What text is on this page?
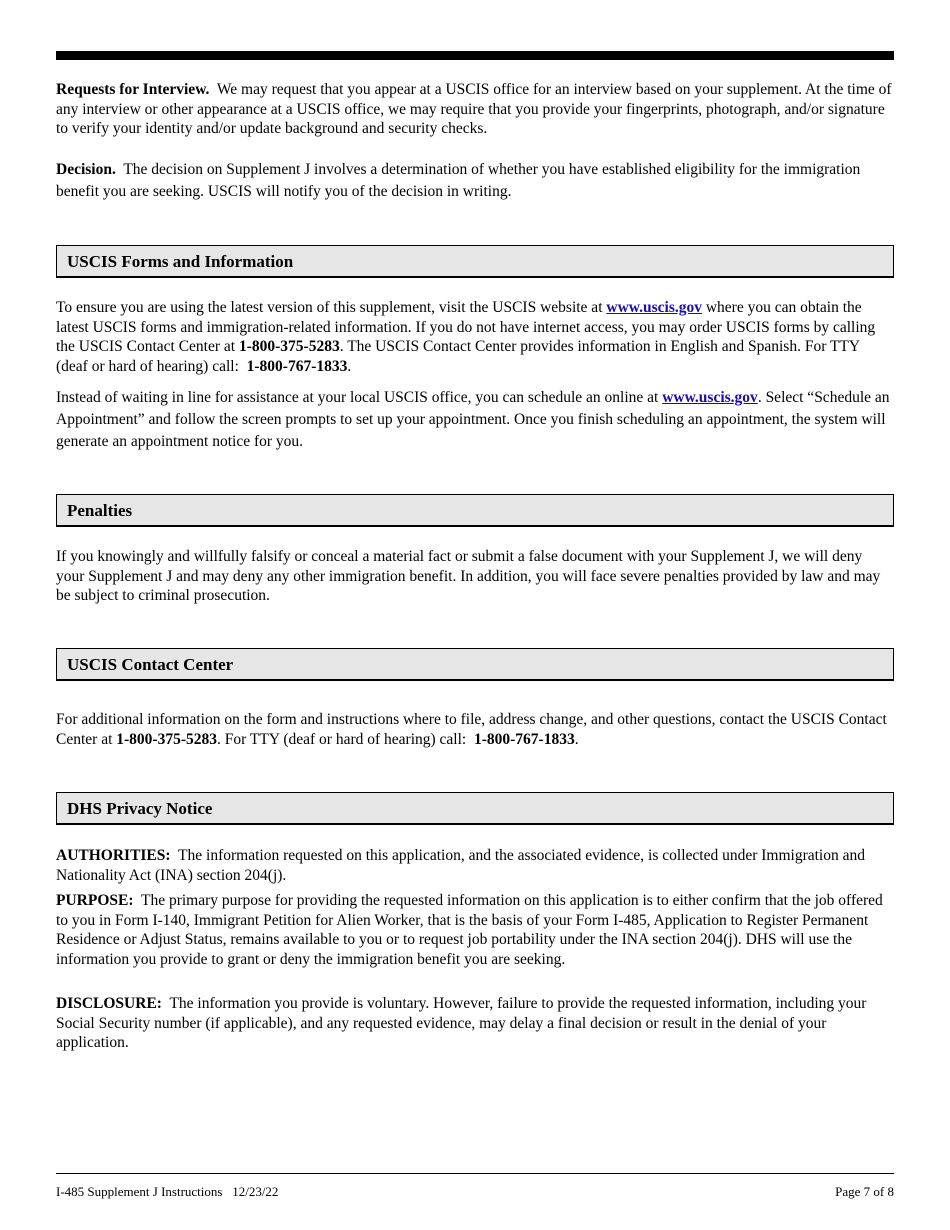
Requests for Interview. We may request that you appear at a USCIS office for an interview based on your supplement. At the time of any interview or other appearance at a USCIS office, we may require that you provide your fingerprints, photograph, and/or signature to verify your identity and/or update background and security checks.

Decision. The decision on Supplement J involves a determination of whether you have established eligibility for the immigration benefit you are seeking. USCIS will notify you of the decision in writing.

USCIS Forms and Information

To ensure you are using the latest version of this supplement, visit the USCIS website at www.uscis.gov where you can obtain the latest USCIS forms and immigration-related information. If you do not have internet access, you may order USCIS forms by calling the USCIS Contact Center at 1-800-375-5283. The USCIS Contact Center provides information in English and Spanish. For TTY (deaf or hard of hearing) call: 1-800-767-1833.

Instead of waiting in line for assistance at your local USCIS office, you can schedule an online at www.uscis.gov. Select “Schedule an Appointment” and follow the screen prompts to set up your appointment. Once you finish scheduling an appointment, the system will generate an appointment notice for you.

Penalties

If you knowingly and willfully falsify or conceal a material fact or submit a false document with your Supplement J, we will deny your Supplement J and may deny any other immigration benefit. In addition, you will face severe penalties provided by law and may be subject to criminal prosecution.

USCIS Contact Center

For additional information on the form and instructions where to file, address change, and other questions, contact the USCIS Contact Center at 1-800-375-5283. For TTY (deaf or hard of hearing) call: 1-800-767-1833.

DHS Privacy Notice

AUTHORITIES: The information requested on this application, and the associated evidence, is collected under Immigration and Nationality Act (INA) section 204(j).

PURPOSE: The primary purpose for providing the requested information on this application is to either confirm that the job offered to you in Form I-140, Immigrant Petition for Alien Worker, that is the basis of your Form I-485, Application to Register Permanent Residence or Adjust Status, remains available to you or to request job portability under the INA section 204(j). DHS will use the information you provide to grant or deny the immigration benefit you are seeking.

DISCLOSURE: The information you provide is voluntary. However, failure to provide the requested information, including your Social Security number (if applicable), and any requested evidence, may delay a final decision or result in the denial of your application.

I-485 Supplement J Instructions   12/23/22	Page 7 of 8
